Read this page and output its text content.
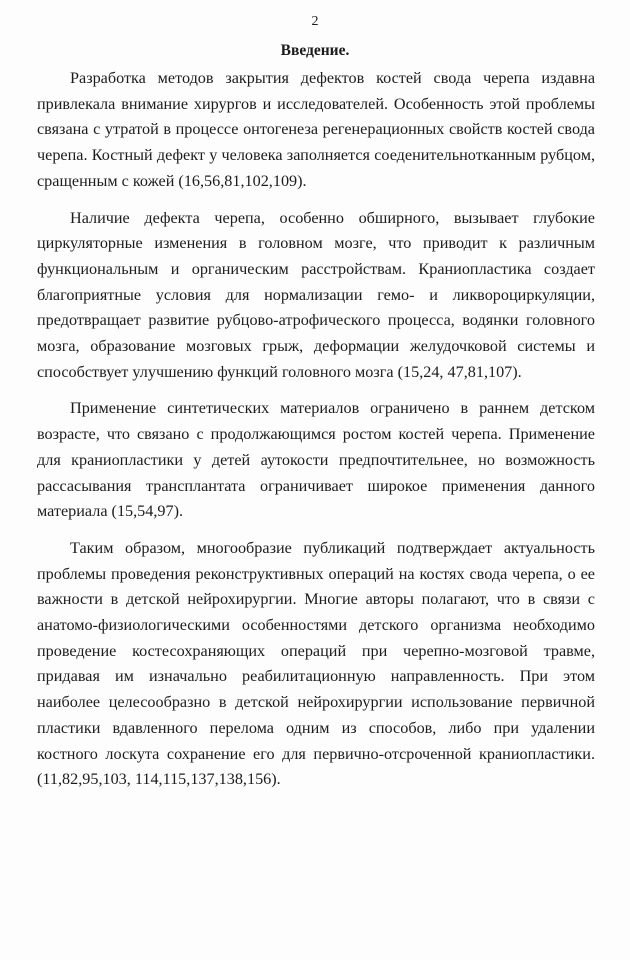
2
Введение.

Разработка методов закрытия дефектов костей свода черепа издавна привлекала внимание хирургов и исследователей. Особенность этой проблемы связана с утратой в процессе онтогенеза регенерационных свойств костей свода черепа. Костный дефект у человека заполняется соеденительнотканным рубцом, сращенным с кожей (16,56,81,102,109).

Наличие дефекта черепа, особенно обширного, вызывает глубокие циркуляторные изменения в головном мозге, что приводит к различным функциональным и органическим расстройствам. Краниопластика создает благоприятные условия для нормализации гемо- и ликвороциркуляции, предотвращает развитие рубцово-атрофического процесса, водянки головного мозга, образование мозговых грыж, деформации желудочковой системы и способствует улучшению функций головного мозга (15,24, 47,81,107).

Применение синтетических материалов ограничено в раннем детском возрасте, что связано с продолжающимся ростом костей черепа. Применение для краниопластики у детей аутокости предпочтительнее, но возможность рассасывания трансплантата ограничивает широкое применения данного материала (15,54,97).

Таким образом, многообразие публикаций подтверждает актуальность проблемы проведения реконструктивных операций на костях свода черепа, о ее важности в детской нейрохирургии. Многие авторы полагают, что в связи с анатомо-физиологическими особенностями детского организма необходимо проведение костесохраняющих операций при черепно-мозговой травме, придавая им изначально реабилитационную направленность. При этом наиболее целесообразно в детской нейрохирургии использование первичной пластики вдавленного перелома одним из способов, либо при удалении костного лоскута сохранение его для первично-отсроченной краниопластики. (11,82,95,103, 114,115,137,138,156).
